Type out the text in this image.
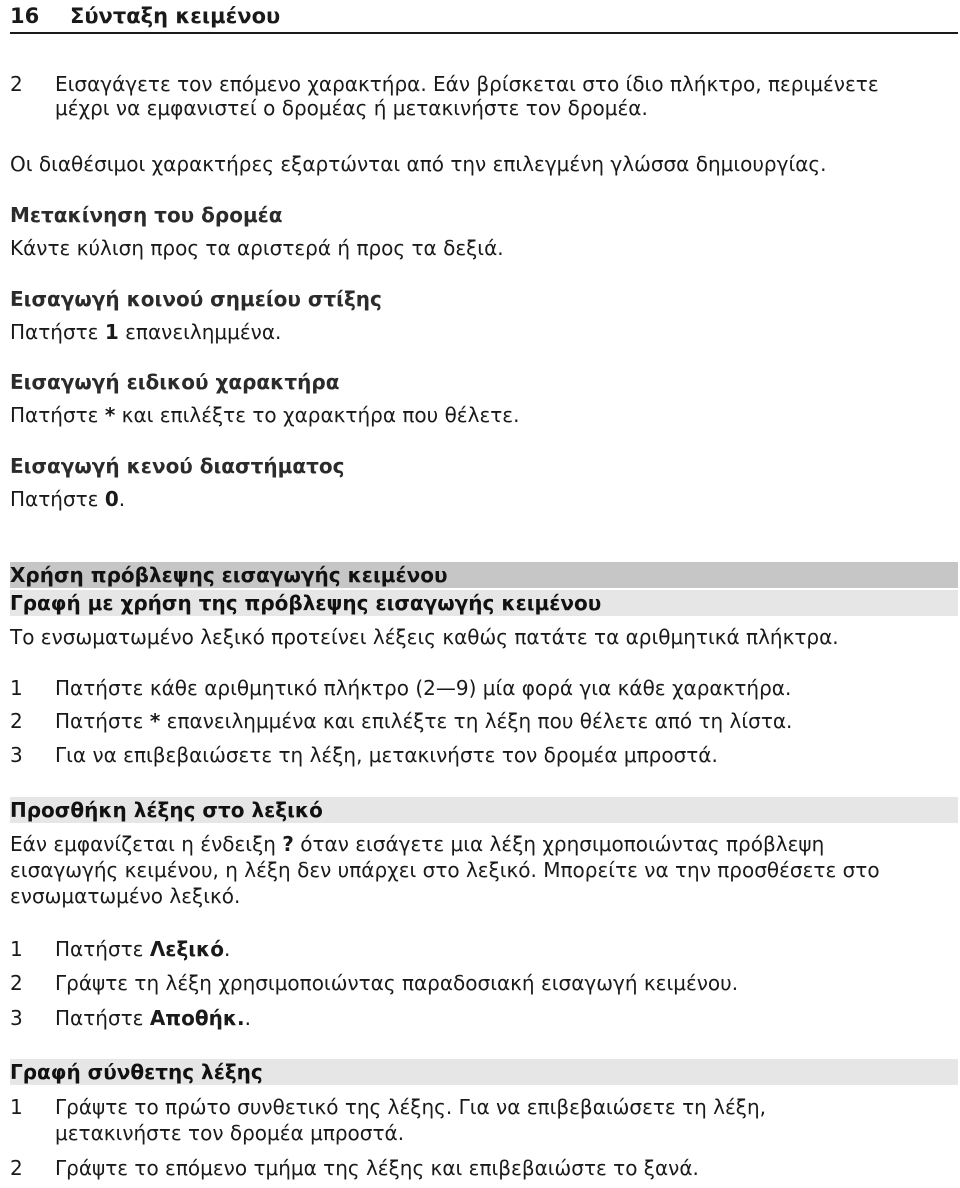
16 Σύνταξη κειμένου
2	Εισαγάγετε τον επόμενο χαρακτήρα. Εάν βρίσκεται στο ίδιο πλήκτρο, περιμένετε
μέχρι να εμφανιστεί ο δρομέας ή μετακινήστε τον δρομέα.
Οι διαθέσιμοι χαρακτήρες εξαρτώνται από την επιλεγμένη γλώσσα δημιουργίας.
Μετακίνηση του δρομέα
Κάντε κύλιση προς τα αριστερά ή προς τα δεξιά.
Εισαγωγή κοινού σημείου στίξης
Πατήστε 1 επανειλημμένα.
Εισαγωγή ειδικού χαρακτήρα
Πατήστε * και επιλέξτε το χαρακτήρα που θέλετε.
Εισαγωγή κενού διαστήματος
Πατήστε 0.
Χρήση πρόβλεψης εισαγωγής κειμένου
Γραφή με χρήση της πρόβλεψης εισαγωγής κειμένου
Το ενσωματωμένο λεξικό προτείνει λέξεις καθώς πατάτε τα αριθμητικά πλήκτρα.
1	Πατήστε κάθε αριθμητικό πλήκτρο (2—9) μία φορά για κάθε χαρακτήρα.
2	Πατήστε * επανειλημμένα και επιλέξτε τη λέξη που θέλετε από τη λίστα.
3	Για να επιβεβαιώσετε τη λέξη, μετακινήστε τον δρομέα μπροστά.
Προσθήκη λέξης στο λεξικό
Εάν εμφανίζεται η ένδειξη ? όταν εισάγετε μια λέξη χρησιμοποιώντας πρόβλεψη
εισαγωγής κειμένου, η λέξη δεν υπάρχει στο λεξικό. Μπορείτε να την προσθέσετε στο
ενσωματωμένο λεξικό.
1	Πατήστε Λεξικό.
2	Γράψτε τη λέξη χρησιμοποιώντας παραδοσιακή εισαγωγή κειμένου.
3	Πατήστε Αποθήκ..
Γραφή σύνθετης λέξης
1	Γράψτε το πρώτο συνθετικό της λέξης. Για να επιβεβαιώσετε τη λέξη,
μετακινήστε τον δρομέα μπροστά.
2	Γράψτε το επόμενο τμήμα της λέξης και επιβεβαιώστε το ξανά.
